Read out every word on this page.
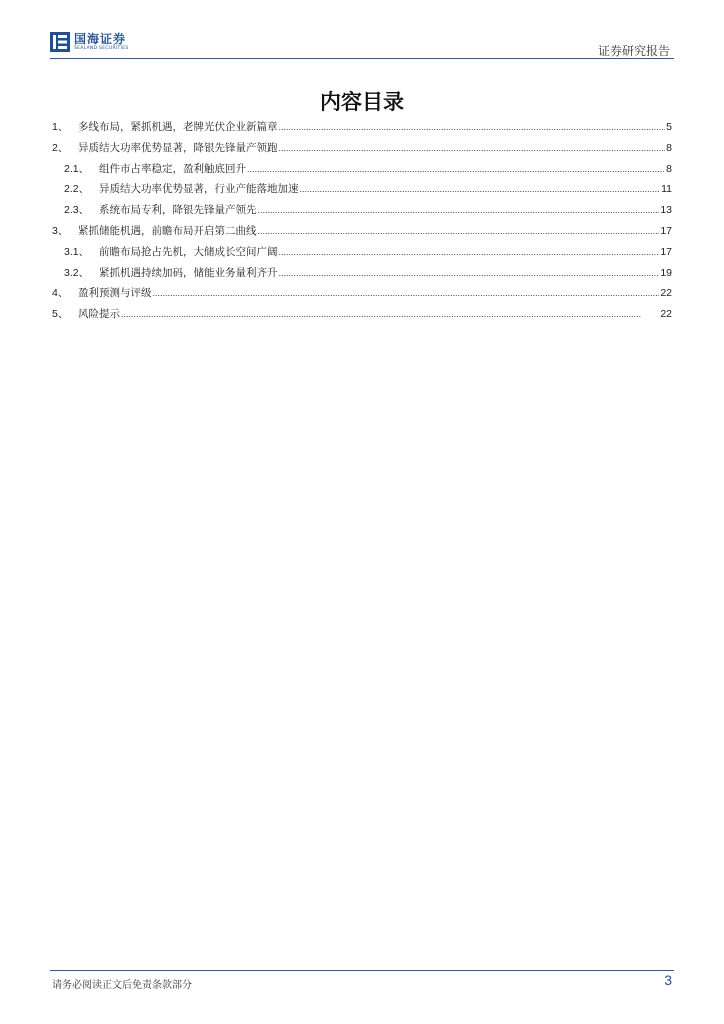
国海证券
SEALAND SECURITIES	证券研究报告
内容目录
1、 多线布局，紧抓机遇，老牌光伏企业新篇章 .....	5
2、 异质结大功率优势显著，降银先锋量产领跑 .....	8
2.1、 组件市占率稳定，盈利触底回升 .....	8
2.2、 异质结大功率优势显著，行业产能落地加速 .....	11
2.3、 系统布局专利，降银先锋量产领先 .....	13
3、 紧抓储能机遇，前瞻布局开启第二曲线 .....	17
3.1、 前瞻布局抢占先机，大储成长空间广阔 .....	17
3.2、 紧抓机遇持续加码，储能业务量利齐升 .....	19
4、 盈利预测与评级 .....	22
5、 风险提示 .....	22
请务必阅读正文后免责条款部分	3
